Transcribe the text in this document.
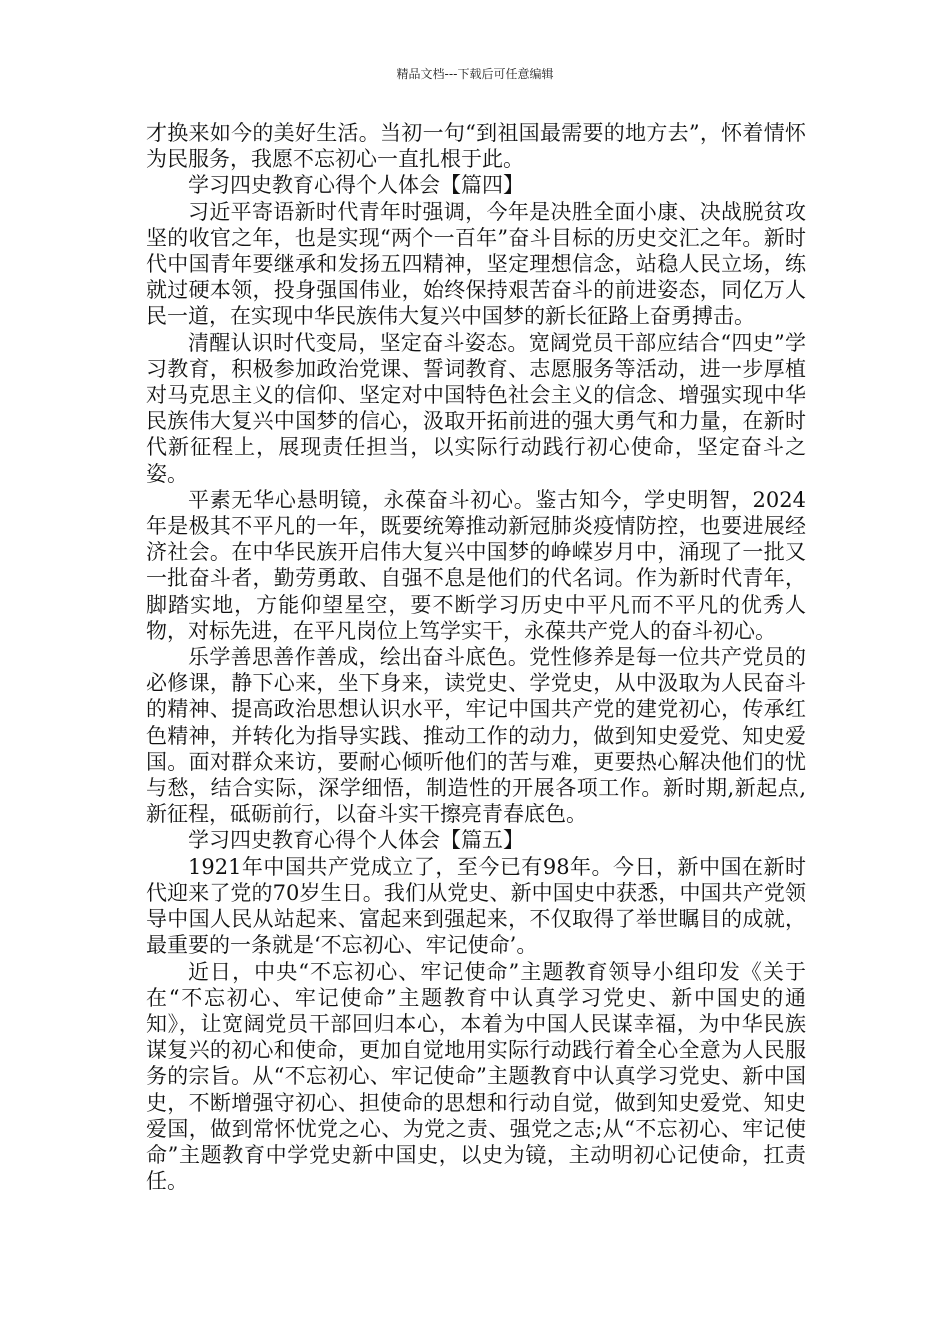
精品文档---下载后可任意编辑

才换来如今的美好生活。当初一句“到祖国最需要的地方去”，怀着情怀为民服务，我愿不忘初心一直扎根于此。

学习四史教育心得个人体会【篇四】

习近平寄语新时代青年时强调，今年是决胜全面小康、决战脱贫攻坚的收官之年，也是实现“两个一百年”奋斗目标的历史交汇之年。新时代中国青年要继承和发扬五四精神，坚定理想信念，站稳人民立场，练就过硬本领，投身强国伟业，始终保持艰苦奋斗的前进姿态，同亿万人民一道，在实现中华民族伟大复兴中国梦的新长征路上奋勇搏击。

清醒认识时代变局，坚定奋斗姿态。宽阔党员干部应结合“四史”学习教育，积极参加政治党课、誓词教育、志愿服务等活动，进一步厚植对马克思主义的信仰、坚定对中国特色社会主义的信念、增强实现中华民族伟大复兴中国梦的信心，汲取开拓前进的强大勇气和力量，在新时代新征程上，展现责任担当，以实际行动践行初心使命，坚定奋斗之姿。

平素无华心悬明镜，永葆奋斗初心。鉴古知今，学史明智，2024年是极其不平凡的一年，既要统筹推动新冠肺炎疫情防控，也要进展经济社会。在中华民族开启伟大复兴中国梦的峥嵘岁月中，涌现了一批又一批奋斗者，勤劳勇敢、自强不息是他们的代名词。作为新时代青年，脚踏实地，方能仰望星空，要不断学习历史中平凡而不平凡的优秀人物，对标先进，在平凡岗位上笃学实干，永葆共产党人的奋斗初心。

乐学善思善作善成，绘出奋斗底色。党性修养是每一位共产党员的必修课，静下心来，坐下身来，读党史、学党史，从中汲取为人民奋斗的精神、提高政治思想认识水平，牢记中国共产党的建党初心，传承红色精神，并转化为指导实践、推动工作的动力，做到知史爱党、知史爱国。面对群众来访，要耐心倾听他们的苦与难，更要热心解决他们的忧与愁，结合实际，深学细悟，制造性的开展各项工作。新时期,新起点,新征程，砥砺前行，以奋斗实干擦亮青春底色。

学习四史教育心得个人体会【篇五】

1921年中国共产党成立了，至今已有98年。今日，新中国在新时代迎来了党的70岁生日。我们从党史、新中国史中获悉，中国共产党领导中国人民从站起来、富起来到强起来，不仅取得了举世瞩目的成就，最重要的一条就是‘不忘初心、牢记使命’。

近日，中央“不忘初心、牢记使命”主题教育领导小组印发《关于在“不忘初心、牢记使命”主题教育中认真学习党史、新中国史的通知》，让宽阔党员干部回归本心，本着为中国人民谋幸福，为中华民族谋复兴的初心和使命，更加自觉地用实际行动践行着全心全意为人民服务的宗旨。从“不忘初心、牢记使命”主题教育中认真学习党史、新中国史，不断增强守初心、担使命的思想和行动自觉，做到知史爱党、知史爱国，做到常怀忧党之心、为党之责、强党之志;从“不忘初心、牢记使命”主题教育中学党史新中国史，以史为镜，主动明初心记使命，扛责任。
